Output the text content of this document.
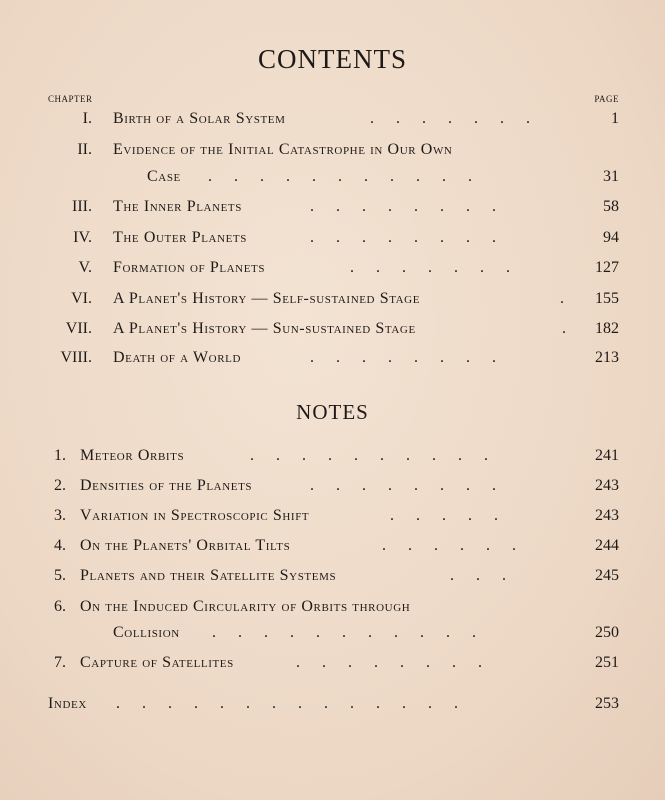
CONTENTS
CHAPTER	PAGE
I. Birth of a Solar System	.......	1
II. Evidence of the Initial Catastrophe in Our Own
Case ...........	31
III. The Inner Planets	........	58
IV. The Outer Planets	........	94
V. Formation of Planets	.......	127
VI. A Planet's History — Self-sustained Stage	. 155
VII. A Planet's History — Sun-sustained Stage	. 182
VIII. Death of a World	........	213
NOTES
1. Meteor Orbits	..........	241
2. Densities of the Planets	........	243
3. Variation in Spectroscopic Shift	.....	243
4. On the Planets' Orbital Tilts	......	244
5. Planets and their Satellite Systems	...	245
6. On the Induced Circularity of Orbits through
Collision ...........	250
7. Capture of Satellites	........	251
Index ..............	253
